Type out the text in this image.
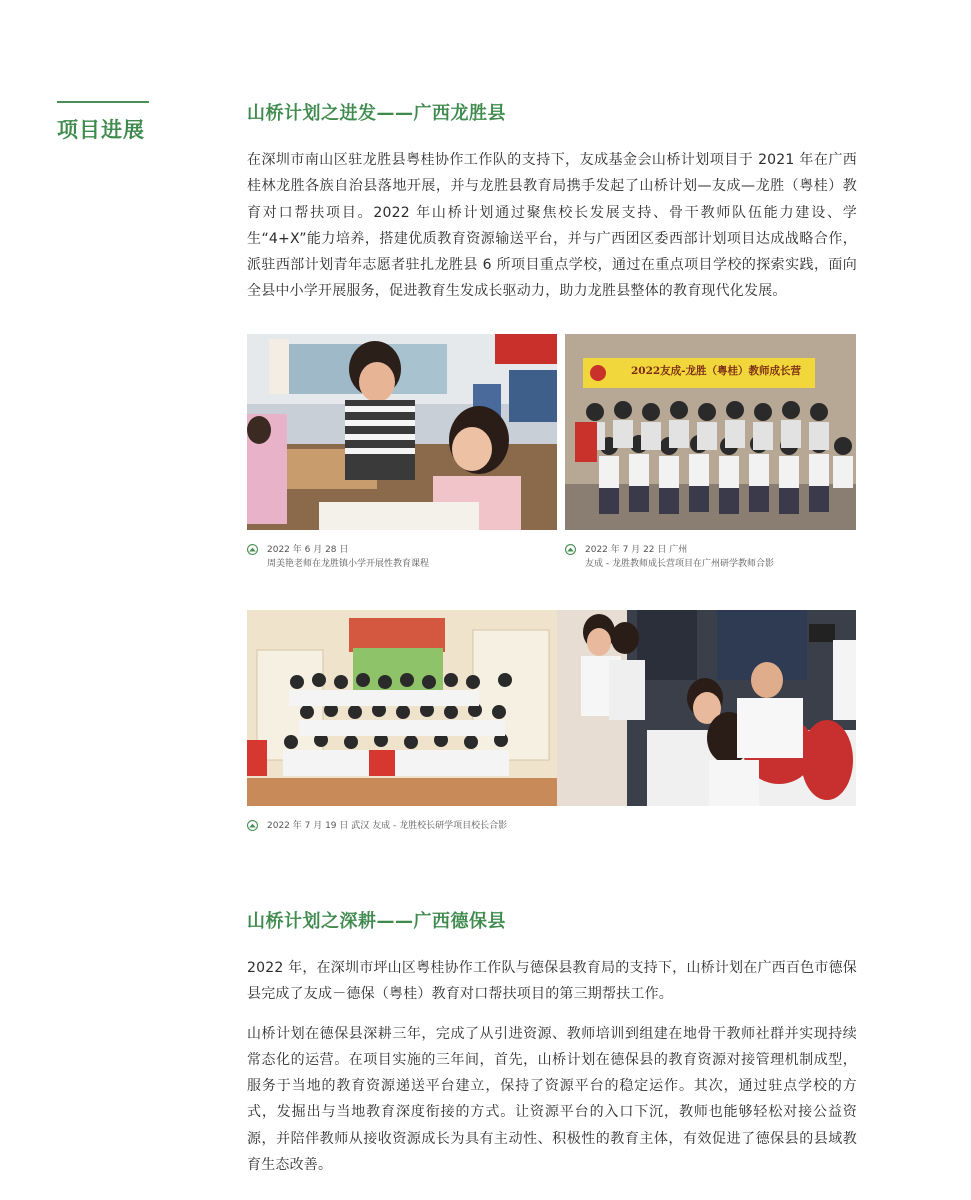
项目进展
山桥计划之进发——广西龙胜县

在深圳市南山区驻龙胜县粤桂协作工作队的支持下，友成基金会山桥计划项目于 2021 年在广西桂林龙胜各族自治县落地开展，并与龙胜县教育局携手发起了山桥计划—友成—龙胜（粤桂）教育对口帮扶项目。2022 年山桥计划通过聚焦校长发展支持、骨干教师队伍能力建设、学生“4+X”能力培养，搭建优质教育资源输送平台，并与广西团区委西部计划项目达成战略合作，派驻西部计划青年志愿者驻扎龙胜县 6 所项目重点学校，通过在重点项目学校的探索实践，面向全县中小学开展服务，促进教育生发成长驱动力，助力龙胜县整体的教育现代化发展。

2022友成-龙胜（粤桂）教师成长营
2022 年 6 月 28 日
周美艳老师在龙胜镇小学开展性教育课程
2022 年 7 月 22 日 广州
友成 - 龙胜教师成长营项目在广州研学教师合影
2022 年 7 月 19 日 武汉 友成 - 龙胜校长研学项目校长合影
山桥计划之深耕——广西德保县

2022 年，在深圳市坪山区粤桂协作工作队与德保县教育局的支持下，山桥计划在广西百色市德保县完成了友成－德保（粤桂）教育对口帮扶项目的第三期帮扶工作。

山桥计划在德保县深耕三年，完成了从引进资源、教师培训到组建在地骨干教师社群并实现持续常态化的运营。在项目实施的三年间，首先，山桥计划在德保县的教育资源对接管理机制成型，服务于当地的教育资源递送平台建立，保持了资源平台的稳定运作。其次，通过驻点学校的方式，发掘出与当地教育深度衔接的方式。让资源平台的入口下沉，教师也能够轻松对接公益资源，并陪伴教师从接收资源成长为具有主动性、积极性的教育主体，有效促进了德保县的县域教育生态改善。
